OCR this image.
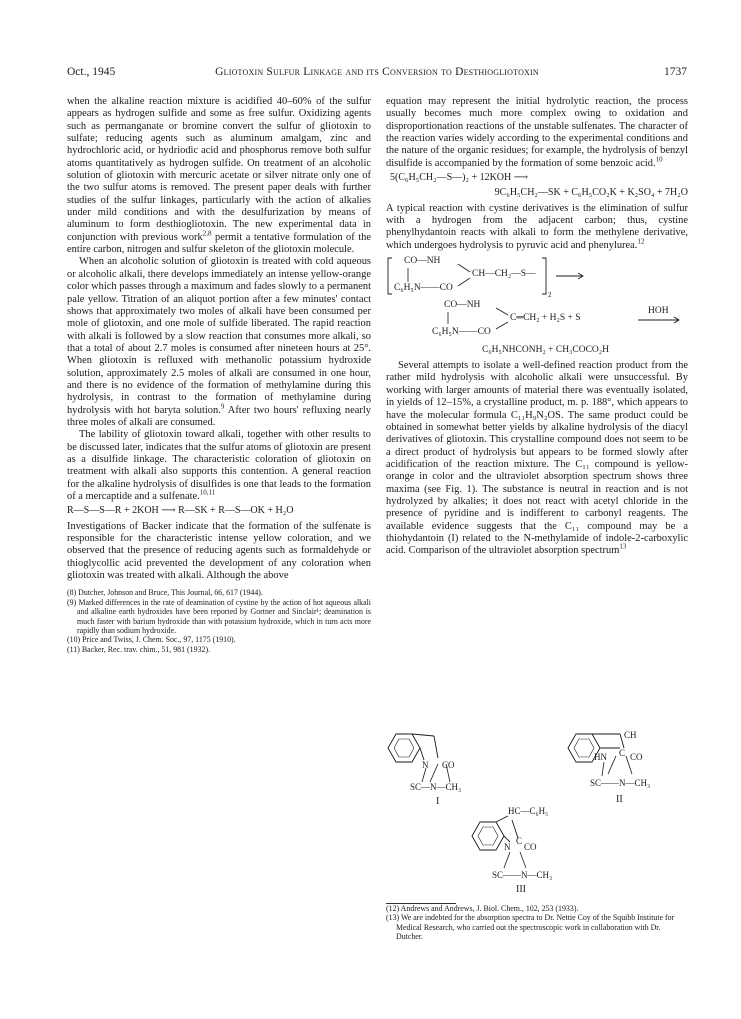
Oct., 1945	Gliotoxin Sulfur Linkage and its Conversion to Desthiogliotoxin	1737

when the alkaline reaction mixture is acidified 40–60% of the sulfur appears as hydrogen sulfide and some as free sulfur. Oxidizing agents such as permanganate or bromine convert the sulfur of gliotoxin to sulfate; reducing agents such as aluminum amalgam, zinc and hydrochloric acid, or hydriodic acid and phosphorus remove both sulfur atoms quantitatively as hydrogen sulfide. On treatment of an alcoholic solution of gliotoxin with mercuric acetate or silver nitrate only one of the two sulfur atoms is removed. The present paper deals with further studies of the sulfur linkages, particularly with the action of alkalies under mild conditions and with the desulfurization by means of aluminum to form desthiogliotoxin. The new experimental data in conjunction with previous work$^{2,8}$ permit a tentative formulation of the entire carbon, nitrogen and sulfur skeleton of the gliotoxin molecule.

When an alcoholic solution of gliotoxin is treated with cold aqueous or alcoholic alkali, there develops immediately an intense yellow-orange color which passes through a maximum and fades slowly to a permanent pale yellow. Titration of an aliquot portion after a few minutes' contact shows that approximately two moles of alkali have been consumed per mole of gliotoxin, and one mole of sulfide liberated. The rapid reaction with alkali is followed by a slow reaction that consumes more alkali, so that a total of about 2.7 moles is consumed after nineteen hours at 25°. When gliotoxin is refluxed with methanolic potassium hydroxide solution, approximately 2.5 moles of alkali are consumed in one hour, and there is no evidence of the formation of methylamine during this hydrolysis, in contrast to the formation of methylamine during hydrolysis with hot baryta solution.$^9$ After two hours' refluxing nearly three moles of alkali are consumed.

The lability of gliotoxin toward alkali, together with other results to be discussed later, indicates that the sulfur atoms of gliotoxin are present as a disulfide linkage. The characteristic coloration of gliotoxin on treatment with alkali also supports this contention. A general reaction for the alkaline hydrolysis of disulfides is one that leads to the formation of a mercaptide and a sulfenate.$^{10,11}$

R—S—S—R + 2KOH ⟶ R—SK + R—S—OK + H₂O

Investigations of Backer indicate that the formation of the sulfenate is responsible for the characteristic intense yellow coloration, and we observed that the presence of reducing agents such as formaldehyde or thioglycollic acid prevented the development of any coloration when gliotoxin was treated with alkali. Although the above

(8) Dutcher, Johnson and Bruce, This Journal, 66, 617 (1944).
(9) Marked differences in the rate of deamination of cystine by the action of hot aqueous alkali and alkaline earth hydroxides have been reported by Gortner and Sinclair¹; deamination is much faster with barium hydroxide than with potassium hydroxide, which in turn acts more rapidly than sodium hydroxide.
(10) Price and Twiss, J. Chem. Soc., 97, 1175 (1910).
(11) Backer, Rec. trav. chim., 51, 981 (1932).

equation may represent the initial hydrolytic reaction, the process usually becomes much more complex owing to oxidation and disproportionation reactions of the unstable sulfenates. The character of the reaction varies widely according to the experimental conditions and the nature of the organic residues; for example, the hydrolysis of benzyl disulfide is accompanied by the formation of some benzoic acid.$^{10}$

5(C₆H₅CH₂—S—)₂ + 12KOH ⟶
9C₆H₅CH₂—SK + C₆H₅CO₂K + K₂SO₄ + 7H₂O

A typical reaction with cystine derivatives is the elimination of sulfur with a hydrogen from the adjacent carbon; thus, cystine phenylhydantoin reacts with alkali to form the methylene derivative, which undergoes hydrolysis to pyruvic acid and phenylurea.$^{12}$

CO—NH
CH—CH₂—S—
C₆H₅N——CO
2
CO—NH
C═CH₂ + H₂S + S
HOH
C₆H₅N——CO
C₆H₅NHCONH₂ + CH₃COCO₂H

Several attempts to isolate a well-defined reaction product from the rather mild hydrolysis with alcoholic alkali were unsuccessful. By working with larger amounts of material there was eventually isolated, in yields of 12–15%, a crystalline product, m. p. 188°, which appears to have the molecular formula C₁₁H₉N₂OS. The same product could be obtained in somewhat better yields by alkaline hydrolysis of the diacyl derivatives of gliotoxin. This crystalline compound does not seem to be a direct product of hydrolysis but appears to be formed slowly after acidification of the reaction mixture. The C₁₁ compound is yellow-orange in color and the ultraviolet absorption spectrum shows three maxima (see Fig. 1). The substance is neutral in reaction and is not hydrolyzed by alkalies; it does not react with acetyl chloride in the presence of pyridine and is indifferent to carbonyl reagents. The available evidence suggests that the C₁₁ compound may be a thiohydantoin (I) related to the N-methylamide of indole-2-carboxylic acid. Comparison of the ultraviolet absorption spectrum$^{13}$

N CO
SC—N—CH₃
I
CH
HN C CO
SC——N—CH₃
II
HC—C₆H₅
N
C
CO
SC——N—CH₃
III
(12) Andrews and Andrews, J. Biol. Chem., 102, 253 (1933).
(13) We are indebted for the absorption spectra to Dr. Nettie Coy of the Squibb Institute for Medical Research, who carried out the spectroscopic work in collaboration with Dr. Dutcher.
